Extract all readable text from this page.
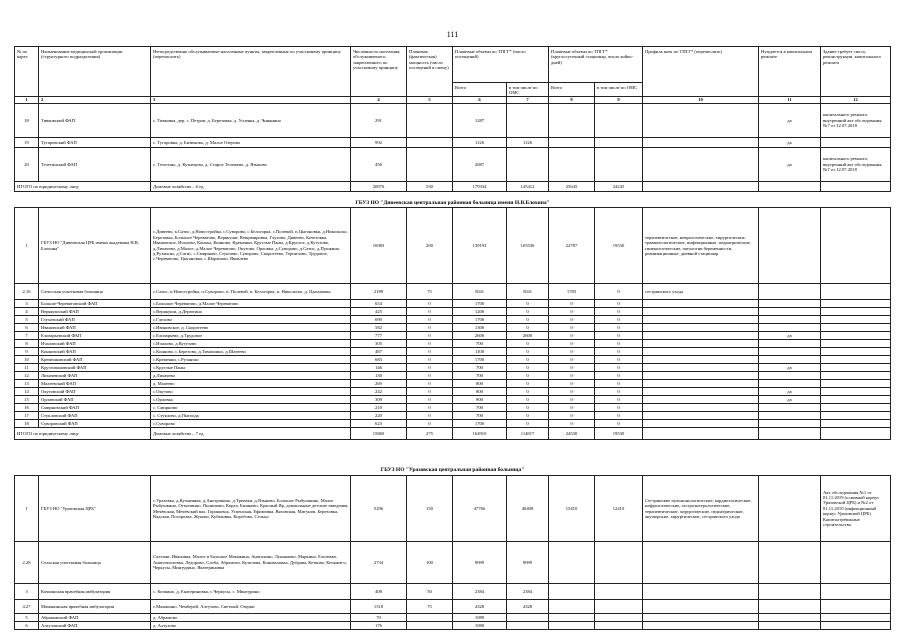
111
№ по карте	Наименование медицинской организации (структурного подразделения)	Непосредственно обслуживаемые населенные пункты, закрепленные по участковому принципу (перечислить)	Численность населения, обслуживаемого, закрепленного по участковому принципу	Плановая (фактическая) мощность (число посещений в смену)	Плановые объемы по ТПГГ* (число посещений)		Плановые объемы по ТПГГ* (круглосуточный стационар, число койко-дней)		Профиль коек по ТПГГ* (перечислить)	Нуждается в капитальном ремонте	Здание требует сноса, реконструкции, капитального ремонта
					Всего	в том числе по ОМС	Всего	в том числе по ОМС			
1	2	3	4	5	6	7	8	9	10	11	12
18	Тивковский ФАП	с. Тивковка, дер. с. Петров, д. Березовка, д. Успенка, д. Чинянино	291		1287					да	капитального ремонта, внутренний акт обследования №7 от 12.07.2018
19	Тугаровский ФАП	с. Тугаровка, д. Бизюково, д. Малое Озерово	992		1126	1126				да	
20	Телегинский ФАП	с. Телегино, д. Кузнецово, д. Старое Тележево, д. Языково	456		2087					да	капитального ремонта, внутренний акт обследования №7 от 12.07.2018
ИТОГО по юридическому лицу		Домовые хозяйства – 6 ед.	20876	530	179334	145412	25645	24245			
ГБУЗ НО "Дивеевская центральная районная больница имени Н.В.Блохина"
1	ГБУЗ НО "Дивеевская ЦРБ имени академика Н.В. Блохина"	с.Дивеево, к.Сатис, д.Новостройка, с.Суворово, с.Белогорка, с.Полевой, п.Цыгановка, д.Никольско, Березовка, Большое Череватово, Верякуши, Вещимировка, Глухово, Дивеево, Кочетовка, Ивановское, Ичалово, Конаха, Конново, Кременки, Круглые Паны, д.Круглое, д.Кутузово, д.Лихачево, д.Малое, д.Малое Череватово, Окутово, Орловка, д.Суворово, д.Сатис, д.Пушкино, д.Рузанско, д.Сатис, с.Смирново, Стуклово, Суворово, Скоротеево, Терпилово, Трудовое, с.Череватово, Цыгановка, с.Шарапово, Яковлево	16983	200	139193	105536	22787	19530	терапевтические, неврологические, хирургические, травматологические, инфекционные, педиатрические, гинекологические, патологии беременности, реанимационные, дневной стационар		
2.16	Сатисская участковая больница	с.Сатис, п.Новостройка, п.Суворово, п. Полевой, п. Белогорка, п. Никольско, д. Цыгановка	2189	75	5041	5041	1783	0	сестринского ухода		
3	Больше-Череватовский ФАП	с.Большое Череватово, д.Малое Череватово	654	0	1700	0	0	0			
4	Верякушский ФАП	с.Верякуши, д.Дерюгино	425	0	1200	0	0	0			
5	Глуховский ФАП	с.Глухово	690	0	1700	0	0	0			
6	Ивановский ФАП	с.Ивановское, д. Скоротеево	582	0	1300	0	0	0			
7	Елизарьевский ФАП	с.Елизарьево, д.Трудовое	777	0	2600	2600	0	0		да	
8	Ичаловский ФАП	с.Ичалово, д.Кутузово	305	0	700	0	0	0			
9	Конновский ФАП	с.Конново, с.Березово, д.Тимошино, д.Шатеево	487	0	1100	0	0	0			
10	Кременковский ФАП	с.Кременки, с.Рузанско	683	0	1700	0	0	0			
11	Круглопановский ФАП	с.Круглые Паны	146	0	700	0	0	0		да	
12	Лихачевский ФАП	д.Лихачево	130	0	700	0	0	0			
13	Малеевский ФАП	д. Малеево	269	0	800	0	0	0			
14	Окутовский ФАП	с.Окутово	242	0	800	0	0	0		да	
15	Орловский ФАП	с.Орловка	309	0	900	0	0	0		да	
16	Смирновский ФАП	с. Смирново	210	0	700	0	0	0			
17	Стукловский ФАП	с. Стуклово, д.Пыголда	220	0	700	0	0	0			
18	Суворовский ФАП	с.Суворово	623	0	1700	0	0	0			
ИТОГО по юридическому лицу		Домовые хозяйства – 7 ед.	15860	275	164910	114817	24530	19530			
ГБУЗ НО "Уразовская центральная районная больница"
1	ГБУЗ НО "Уразовская ЦРБ"	с.Уразовка, д.Кузьминка, д.Анотракино, д.Трепаки, д.Языково, Большое Рыбушкино, Малое Рыбушкино, Отмолвино, Пилишово, Кирга, Бизяково, Красный Яр, дошкольные детские заведения Мечёвская, Мечёвский вал, Горшковск, Успенская, Ефимовка, Вязовская, Мигунов, Березовка, Вадская, Погорелка, Жуково, Кубаковка, Коробово, Сельцо	5296	150	47766	40408	15410	12410	Сестринские пульмонологические, кардиологические, нефрологические, гастроэнтерологические, терапевтические, хирургические, педиатрические, акушерские, хирургические, сестринского ухода		Акт обследования №1 от 01.11.2019 (основной корпус Уразовской ЦРБ) и №2 от 01.11.2019 (инфекционный корпус Уразовской ЦРБ) Капиталтрёвльные строительства
2.28	Сельская участковая больница	Салтани, Ивановка, Малое и Большое Мамакина, Анатолино, Лукьяново, Маркино, Ельтовка, Анатолиоловка, Ледорово, Слоба, Абрамово, Кузилова, Коноваловка, Дубрава, Кетково, Кочкаев-о, Черкусы, Минтурино, Якатериновка	2734	100	9099	9099					
3	Кочкинская врачебная амбулатория	с. Кочкино, д. Екатериновка, с.Черкусы, с. Минтурино	408	50	2384	2384					
4.27	Мамакинская врачебная амбулатория	с.Мамакино, Чемберей, Алтузово, Светлый, Озерки	1518	75	4328	4328					
5	Абрамовский ФАП	д. Абрамово	70		1089						
6	Алтузовский ФАП	д. Алтузово	176		1080						
